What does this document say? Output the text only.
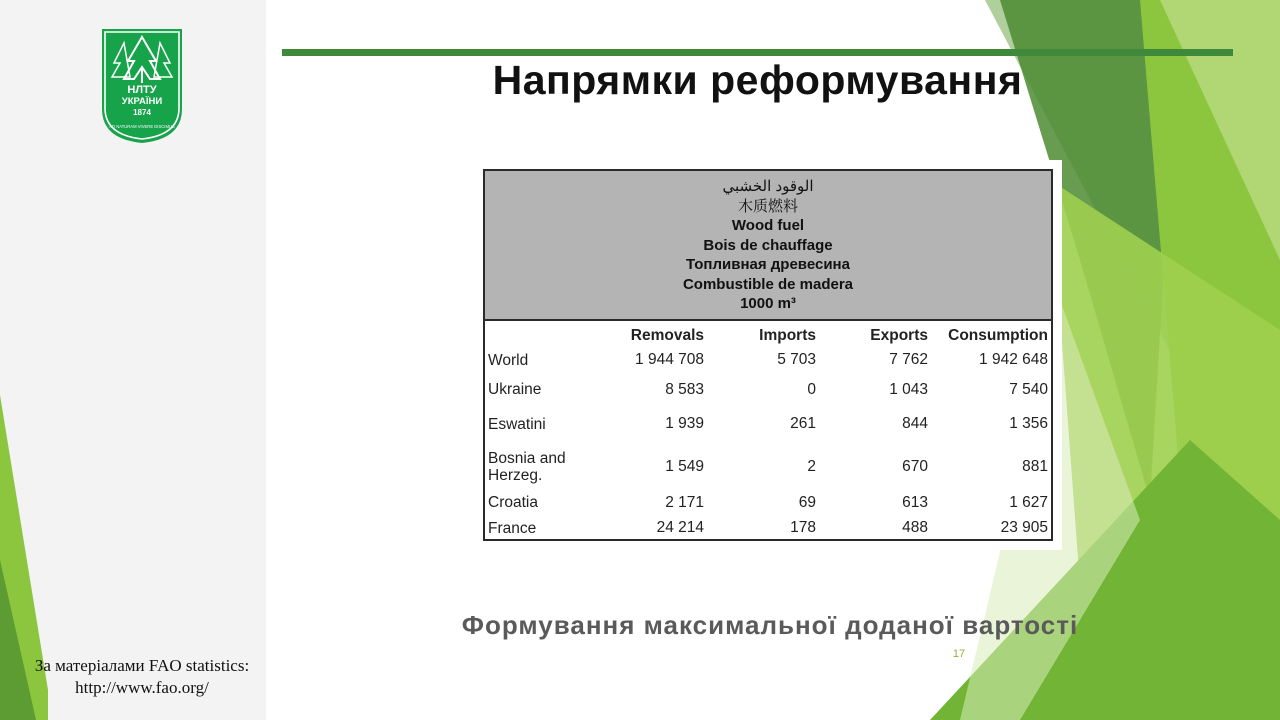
НЛТУ
УКРАЇНИ
1874
AD NATURAM VIVERE DISCIMUS
Напрямки реформування
الوقود الخشبي
木质燃料
Wood fuel
Bois de chauffage
Топливная древесина
Combustible de madera
1000 m³
	Removals	Imports	Exports	Consumption
World	1 944 708	5 703	7 762	1 942 648
Ukraine	8 583	0	1 043	7 540
Eswatini	1 939	261	844	1 356
Bosnia and Herzeg.	1 549	2	670	881
Croatia	2 171	69	613	1 627
France	24 214	178	488	23 905
Формування максимальної доданої вартості
17
За матеріалами FAO statistics:
http://www.fao.org/
